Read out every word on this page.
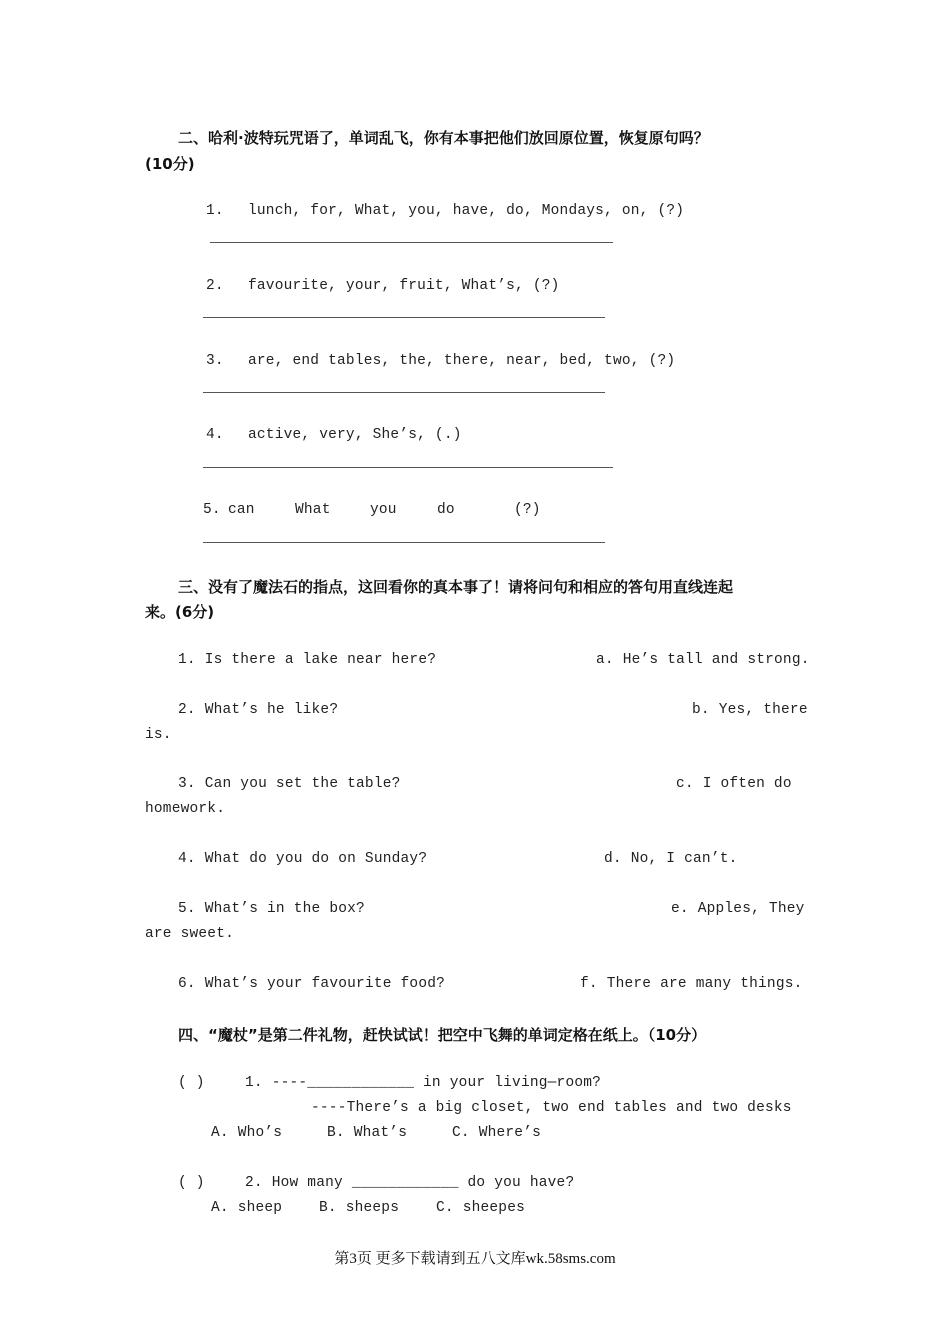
二、哈利·波特玩咒语了，单词乱飞，你有本事把他们放回原位置，恢复原句吗？
(10分)
1. lunch, for, What, you, have, do, Mondays, on, (?)
2. favourite, your, fruit, What’s, (?)
3. are, end tables, the, there, near, bed, two, (?)
4. active, very, She’s, (.)
5. can	What	you	do	(?)
三、没有了魔法石的指点，这回看你的真本事了！请将问句和相应的答句用直线连起
来。(6分)
1. Is there a lake near here?	a. He’s tall and strong.
2. What’s he like?	b. Yes, there
is.
3. Can you set the table?	c. I often do
homework.
4. What do you do on Sunday?	d. No, I can’t.
5. What’s in the box?	e. Apples, They
are sweet.
6. What’s your favourite food?	f. There are many things.
四、“魔杖”是第二件礼物，赶快试试！把空中飞舞的单词定格在纸上。（10分）
( )	1. ----____________ in your living—room?
----There’s a big closet, two end tables and two desks
A. Who’s	B. What’s	C. Where’s
( )	2. How many ____________ do you have?
A. sheep	B. sheeps	C. sheepes
第3页 更多下载请到五八文库wk.58sms.com
